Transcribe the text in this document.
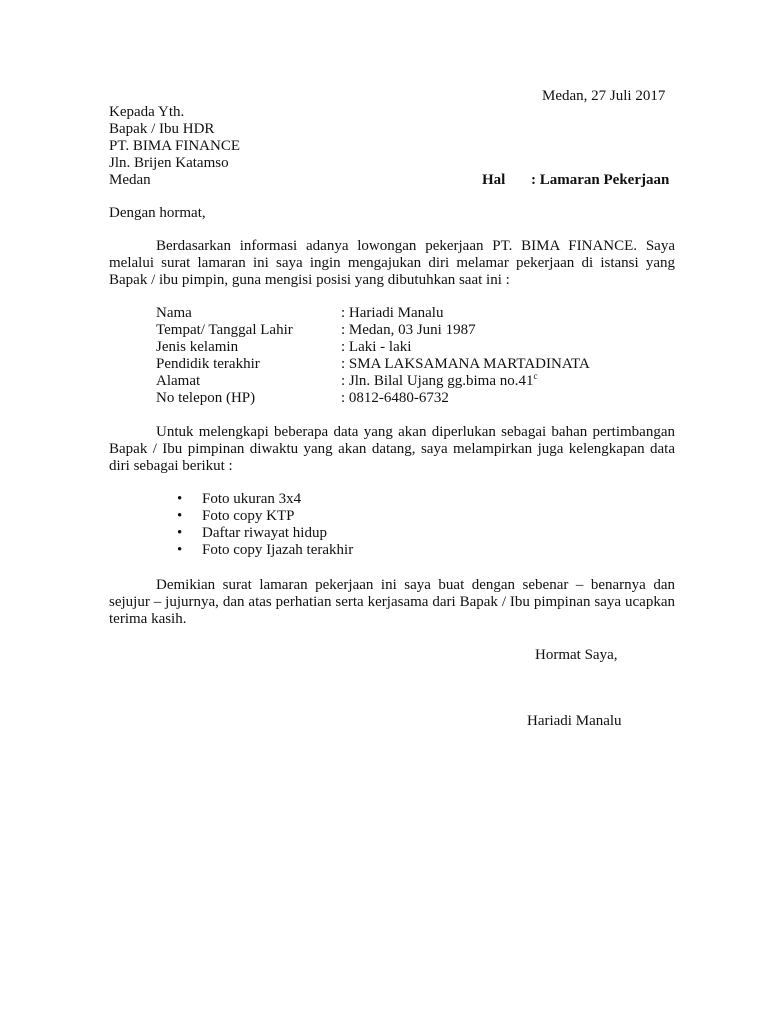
Medan, 27 Juli 2017
Kepada Yth.
Bapak / Ibu HDR
PT. BIMA FINANCE
Jln. Brijen Katamso
Medan	Hal : Lamaran Pekerjaan
Dengan hormat,
Berdasarkan informasi adanya lowongan pekerjaan PT. BIMA FINANCE. Saya melalui surat lamaran ini saya ingin mengajukan diri melamar pekerjaan di istansi yang Bapak / ibu pimpin, guna mengisi posisi yang dibutuhkan saat ini :
Nama	: Hariadi Manalu
Tempat/ Tanggal Lahir	: Medan, 03 Juni 1987
Jenis kelamin	: Laki - laki
Pendidik terakhir	: SMA LAKSAMANA MARTADINATA
Alamat	: Jln. Bilal Ujang gg.bima no.41$^c$
No telepon (HP)	: 0812-6480-6732
Untuk melengkapi beberapa data yang akan diperlukan sebagai bahan pertimbangan Bapak / Ibu pimpinan diwaktu yang akan datang, saya melampirkan juga kelengkapan data diri sebagai berikut :
• Foto ukuran 3x4
• Foto copy KTP
• Daftar riwayat hidup
• Foto copy Ijazah terakhir
Demikian surat lamaran pekerjaan ini saya buat dengan sebenar – benarnya dan sejujur – jujurnya, dan atas perhatian serta kerjasama dari Bapak / Ibu pimpinan saya ucapkan terima kasih.
Hormat Saya,
Hariadi Manalu
